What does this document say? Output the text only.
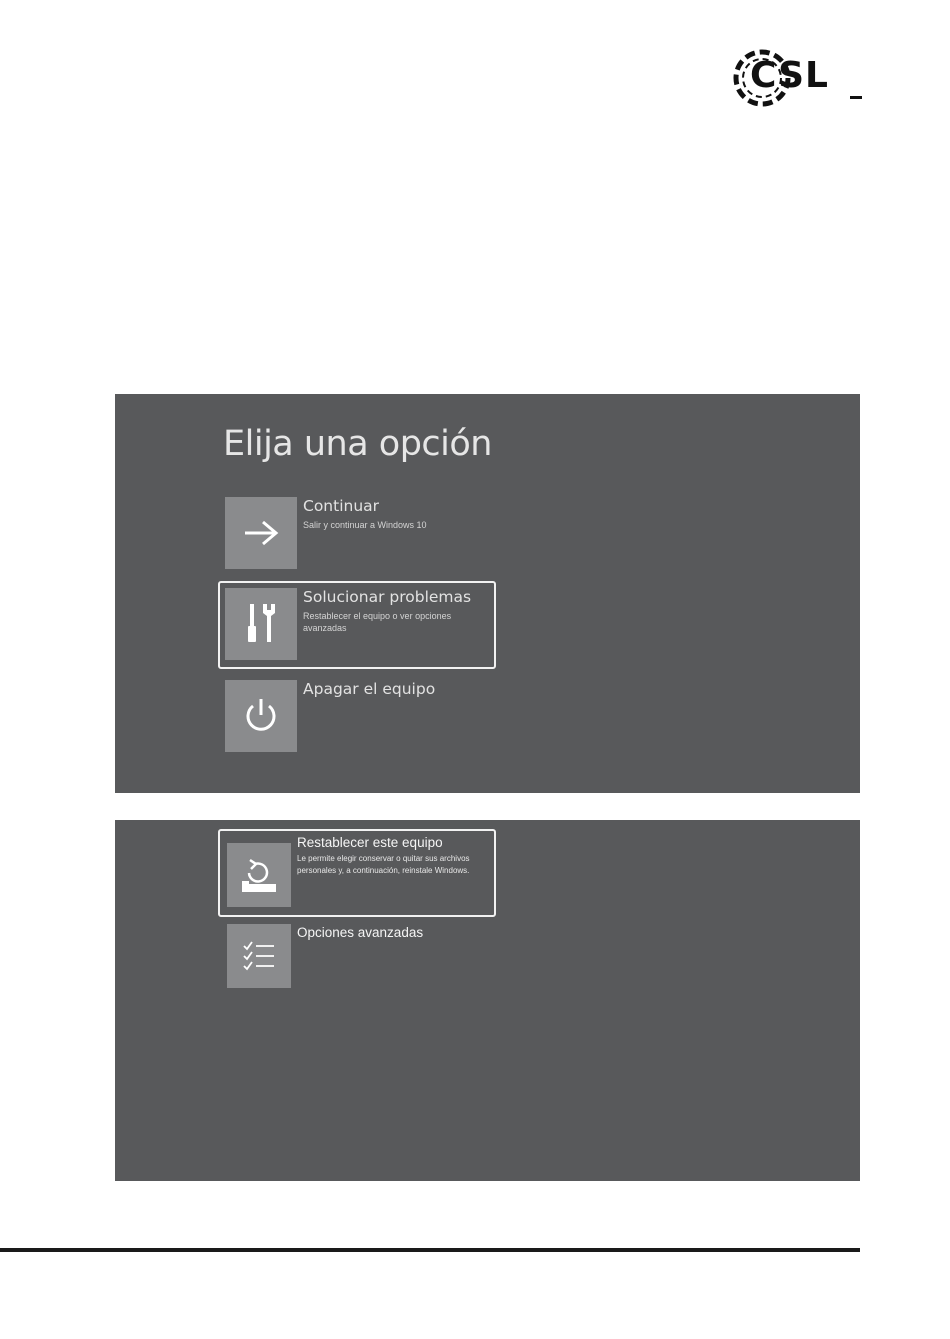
CSL
Elija una opción
Continuar
Salir y continuar a Windows 10
Solucionar problemas
Restablecer el equipo o ver opciones avanzadas
Apagar el equipo
Restablecer este equipo
Le permite elegir conservar o quitar sus archivos personales y, a continuación, reinstale Windows.
Opciones avanzadas
